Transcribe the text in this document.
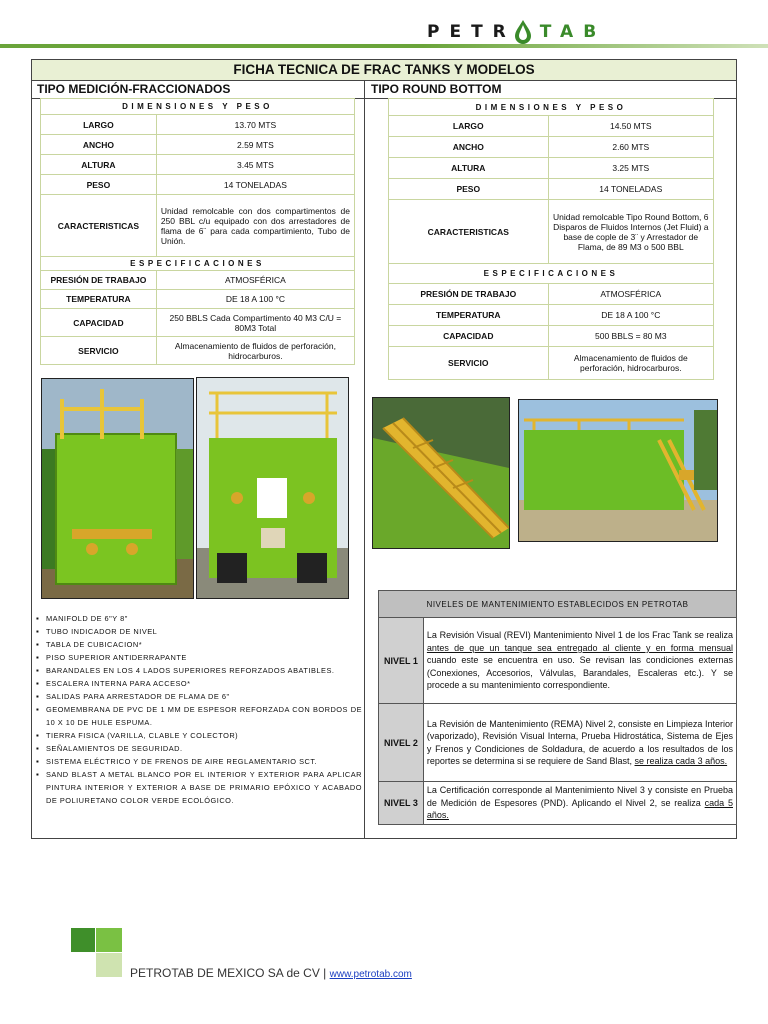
PETR TAB
FICHA TECNICA DE FRAC TANKS Y MODELOS
TIPO MEDICIÓN-FRACCIONADOS	TIPO ROUND BOTTOM
DIMENSIONES Y PESO	
LARGO	13.70 MTS
ANCHO	2.59 MTS
ALTURA	3.45 MTS
PESO	14 TONELADAS
CARACTERISTICAS	Unidad remolcable con dos compartimentos de 250 BBL c/u equipado con dos arrestadores de flama de 6¨ para cada compartimiento, Tubo de Unión.
ESPECIFICACIONES	
PRESIÓN DE TRABAJO	ATMOSFÉRICA
TEMPERATURA	DE 18 A 100 °C
CAPACIDAD	250 BBLS Cada Compartimento 40 M3 C/U = 80M3 Total
SERVICIO	Almacenamiento de fluidos de perforación, hidrocarburos.
DIMENSIONES Y PESO	
LARGO	14.50 MTS
ANCHO	2.60 MTS
ALTURA	3.25 MTS
PESO	14 TONELADAS
CARACTERISTICAS	Unidad remolcable Tipo Round Bottom, 6 Disparos de Fluidos Internos (Jet Fluid) a base de cople de 3¨ y Arrestador de Flama, de 89 M3 o 500 BBL
ESPECIFICACIONES	
PRESIÓN DE TRABAJO	ATMOSFÉRICA
TEMPERATURA	DE 18 A 100 °C
CAPACIDAD	500 BBLS = 80 M3
SERVICIO	Almacenamiento de fluidos de perforación, hidrocarburos.
▪ MANIFOLD DE 6"Y 8"
▪ TUBO INDICADOR DE NIVEL
▪ TABLA DE CUBICACION*
▪ PISO SUPERIOR ANTIDERRAPANTE
▪ BARANDALES EN LOS 4 LADOS SUPERIORES REFORZADOS ABATIBLES.
▪ ESCALERA INTERNA PARA ACCESO*
▪ SALIDAS PARA ARRESTADOR DE FLAMA DE 6"
▪ GEOMEMBRANA DE PVC DE 1 MM DE ESPESOR REFORZADA CON BORDOS DE 10 X 10 DE HULE ESPUMA.
▪ TIERRA FISICA (VARILLA, CLABLE Y COLECTOR)
▪ SEÑALAMIENTOS DE SEGURIDAD.
▪ SISTEMA ELÉCTRICO Y DE FRENOS DE AIRE REGLAMENTARIO SCT.
▪ SAND BLAST A METAL BLANCO POR EL INTERIOR Y EXTERIOR PARA APLICAR PINTURA INTERIOR Y EXTERIOR A BASE DE PRIMARIO EPÓXICO Y ACABADO DE POLIURETANO COLOR VERDE ECOLÓGICO.
NIVELES DE MANTENIMIENTO ESTABLECIDOS EN PETROTAB	
NIVEL 1	La Revisión Visual (REVI) Mantenimiento Nivel 1 de los Frac Tank se realiza antes de que un tanque sea entregado al cliente y en forma mensual cuando este se encuentra en uso. Se revisan las condiciones externas (Conexiones, Accesorios, Válvulas, Barandales, Escaleras etc.). Y se procede a su mantenimiento correspondiente.
NIVEL 2	La Revisión de Mantenimiento (REMA) Nivel 2, consiste en Limpieza Interior (vaporizado), Revisión Visual Interna, Prueba Hidrostática, Sistema de Ejes y Frenos y Condiciones de Soldadura, de acuerdo a los resultados de los reportes se determina si se requiere de Sand Blast, se realiza cada 3 años.
NIVEL 3	La Certificación corresponde al Mantenimiento Nivel 3 y consiste en Prueba de Medición de Espesores (PND). Aplicando el Nivel 2, se realiza cada 5 años.
PETROTAB DE MEXICO SA de CV | www.petrotab.com
